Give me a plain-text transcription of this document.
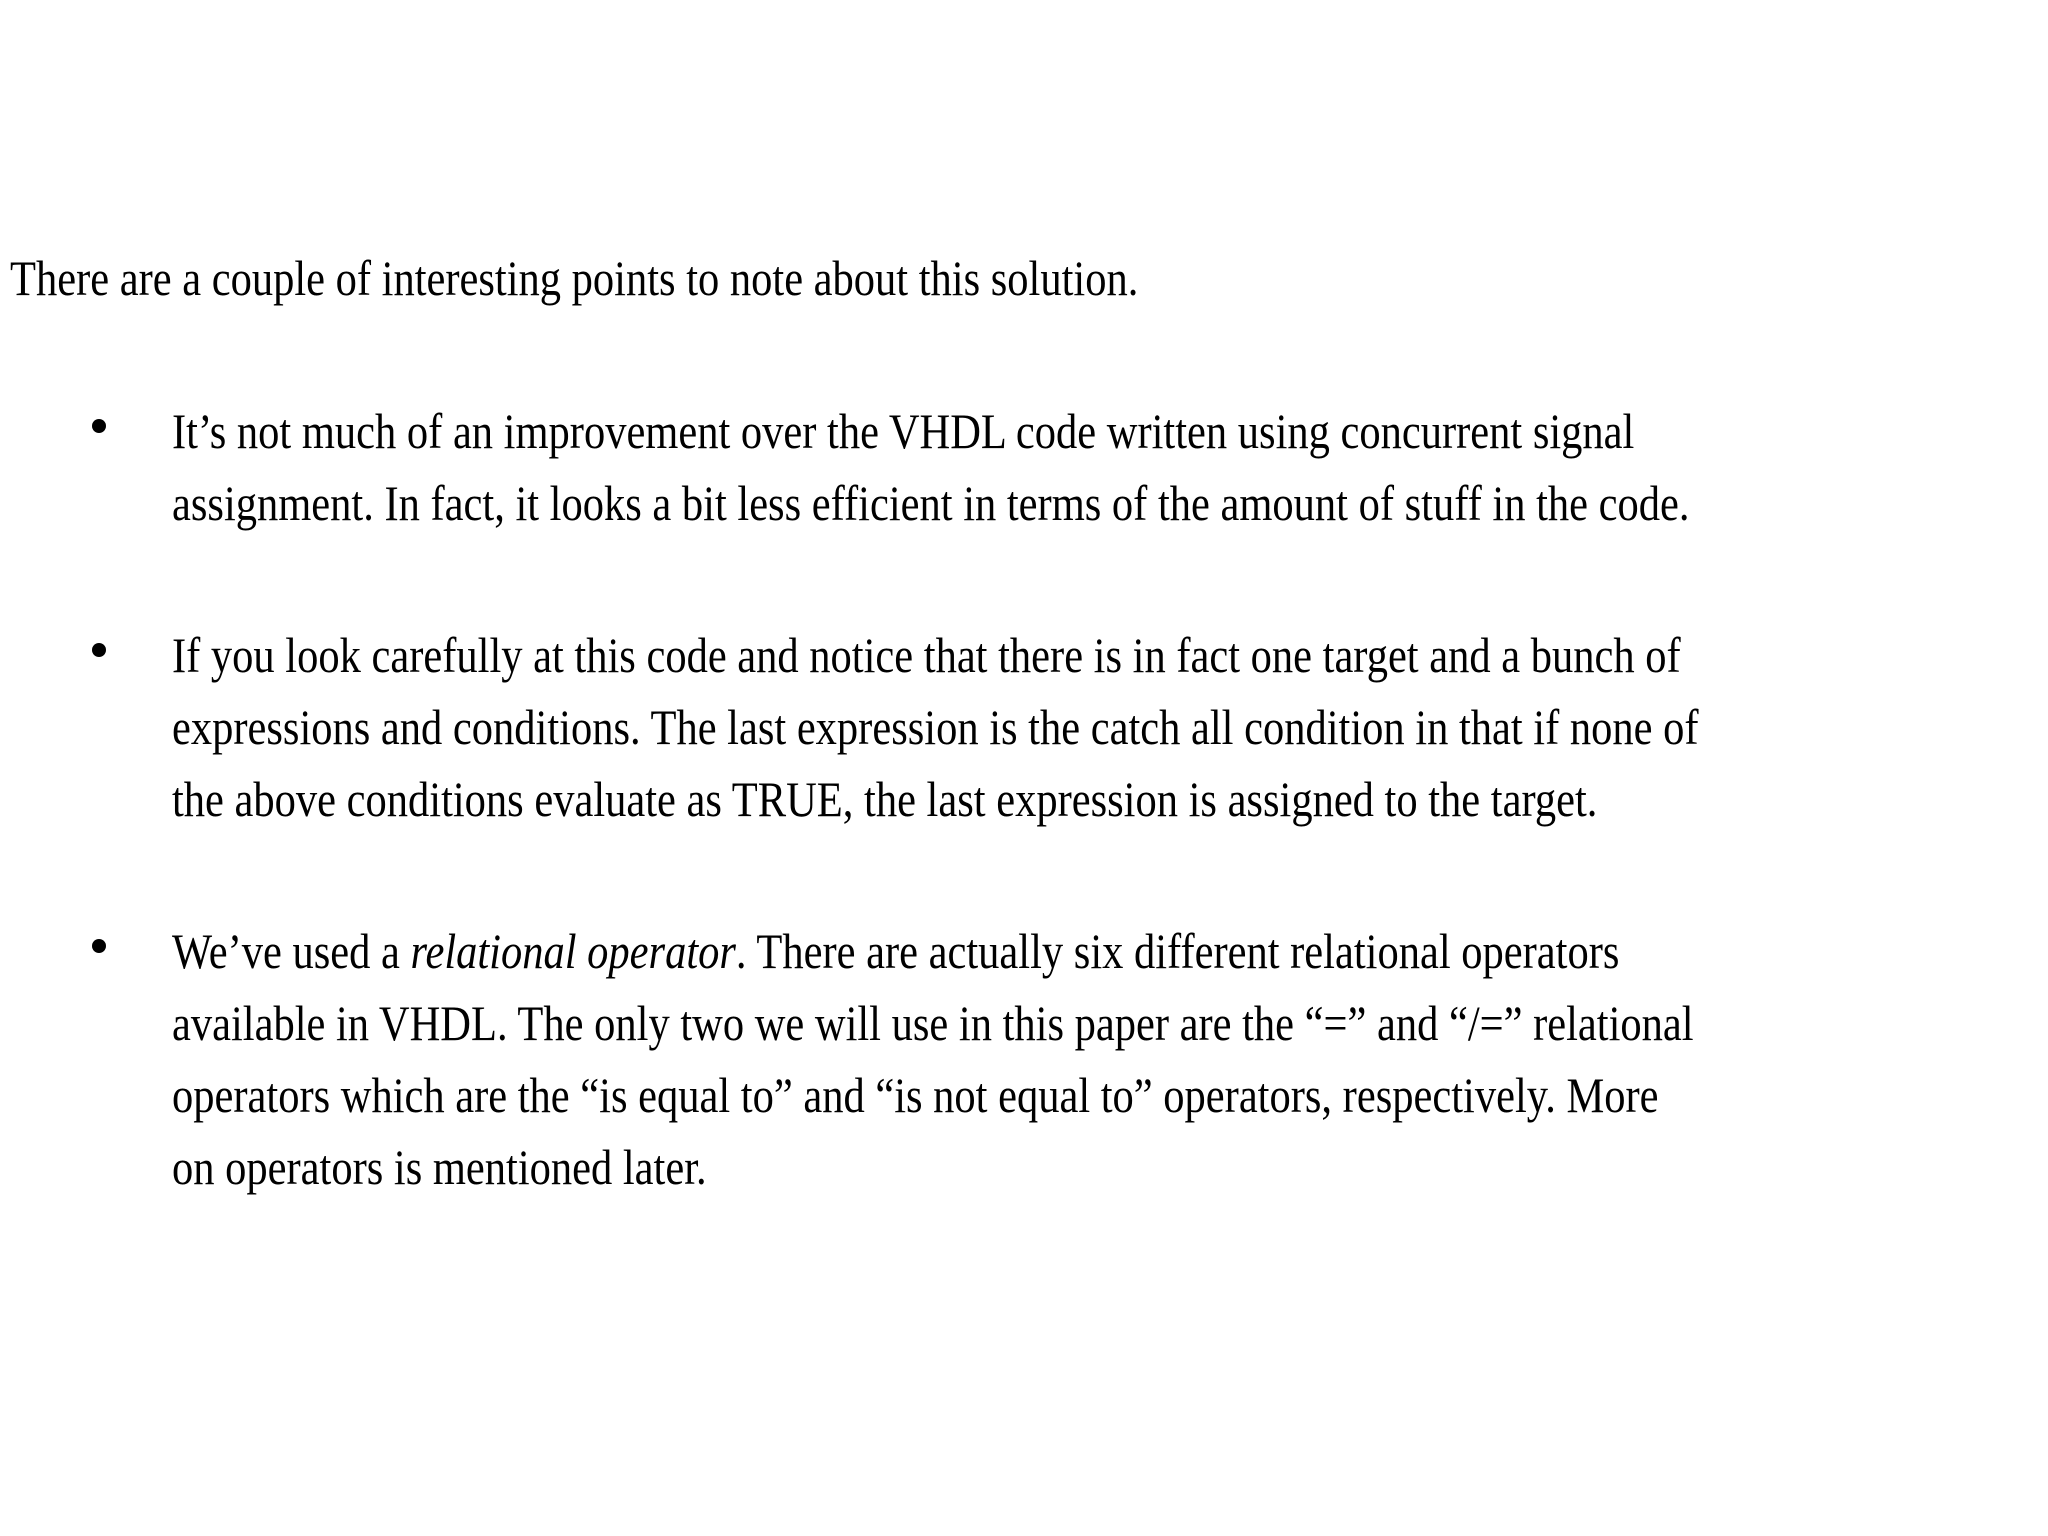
There are a couple of interesting points to note about this solution.

It’s not much of an improvement over the VHDL code written using concurrent signal
assignment. In fact, it looks a bit less efficient in terms of the amount of stuff in the code.
If you look carefully at this code and notice that there is in fact one target and a bunch of
expressions and conditions. The last expression is the catch all condition in that if none of
the above conditions evaluate as TRUE, the last expression is assigned to the target.
We’ve used a relational operator. There are actually six different relational operators
available in VHDL. The only two we will use in this paper are the “=” and “/=” relational
operators which are the “is equal to” and “is not equal to” operators, respectively. More
on operators is mentioned later.
